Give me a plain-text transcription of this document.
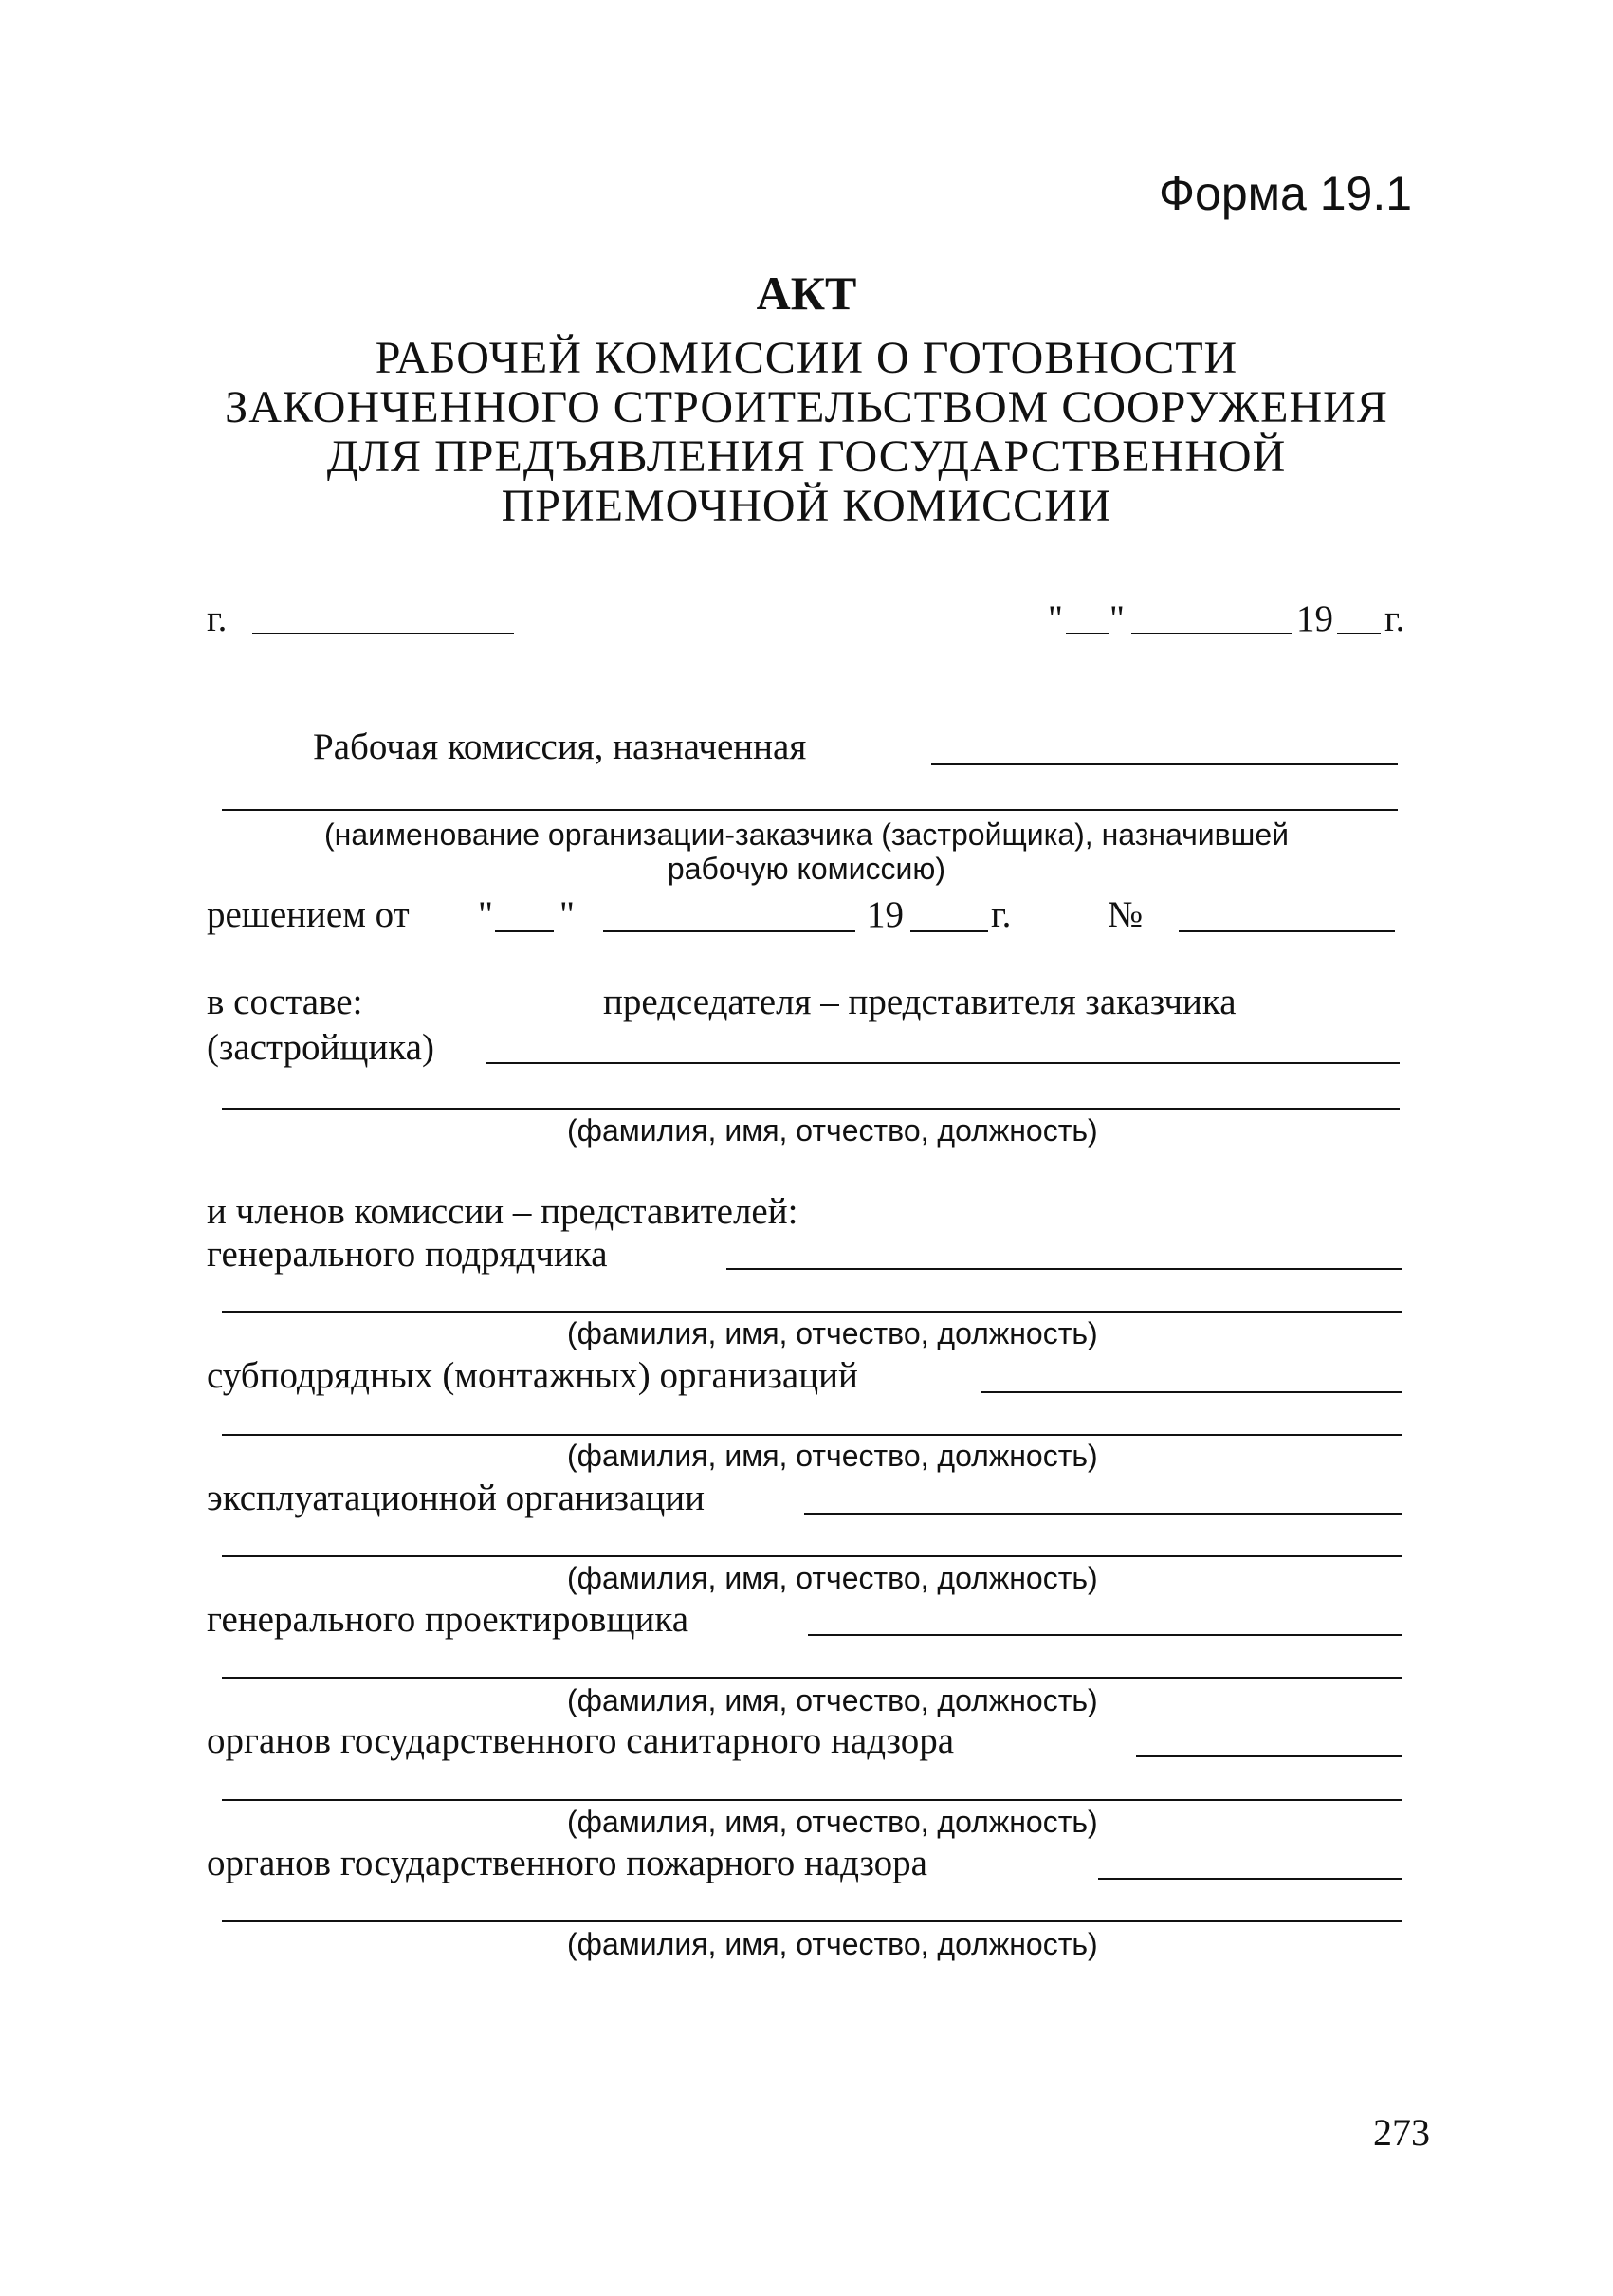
Форма 19.1
АКТ
РАБОЧЕЙ КОМИССИИ О ГОТОВНОСТИ
ЗАКОНЧЕННОГО СТРОИТЕЛЬСТВОМ СООРУЖЕНИЯ
ДЛЯ ПРЕДЪЯВЛЕНИЯ ГОСУДАРСТВЕННОЙ
ПРИЕМОЧНОЙ КОМИССИИ
г.	" "	19 г.
Рабочая комиссия, назначенная
(наименование организации-заказчика (застройщика), назначившей
рабочую комиссию)
решением от " "	19 г.	№
в составе:	председателя – представителя заказчика
(застройщика)
(фамилия, имя, отчество, должность)
и членов комиссии – представителей:
генерального подрядчика
(фамилия, имя, отчество, должность)
субподрядных (монтажных) организаций
(фамилия, имя, отчество, должность)
эксплуатационной организации
(фамилия, имя, отчество, должность)
генерального проектировщика
(фамилия, имя, отчество, должность)
органов государственного санитарного надзора
(фамилия, имя, отчество, должность)
органов государственного пожарного надзора
(фамилия, имя, отчество, должность)
273
